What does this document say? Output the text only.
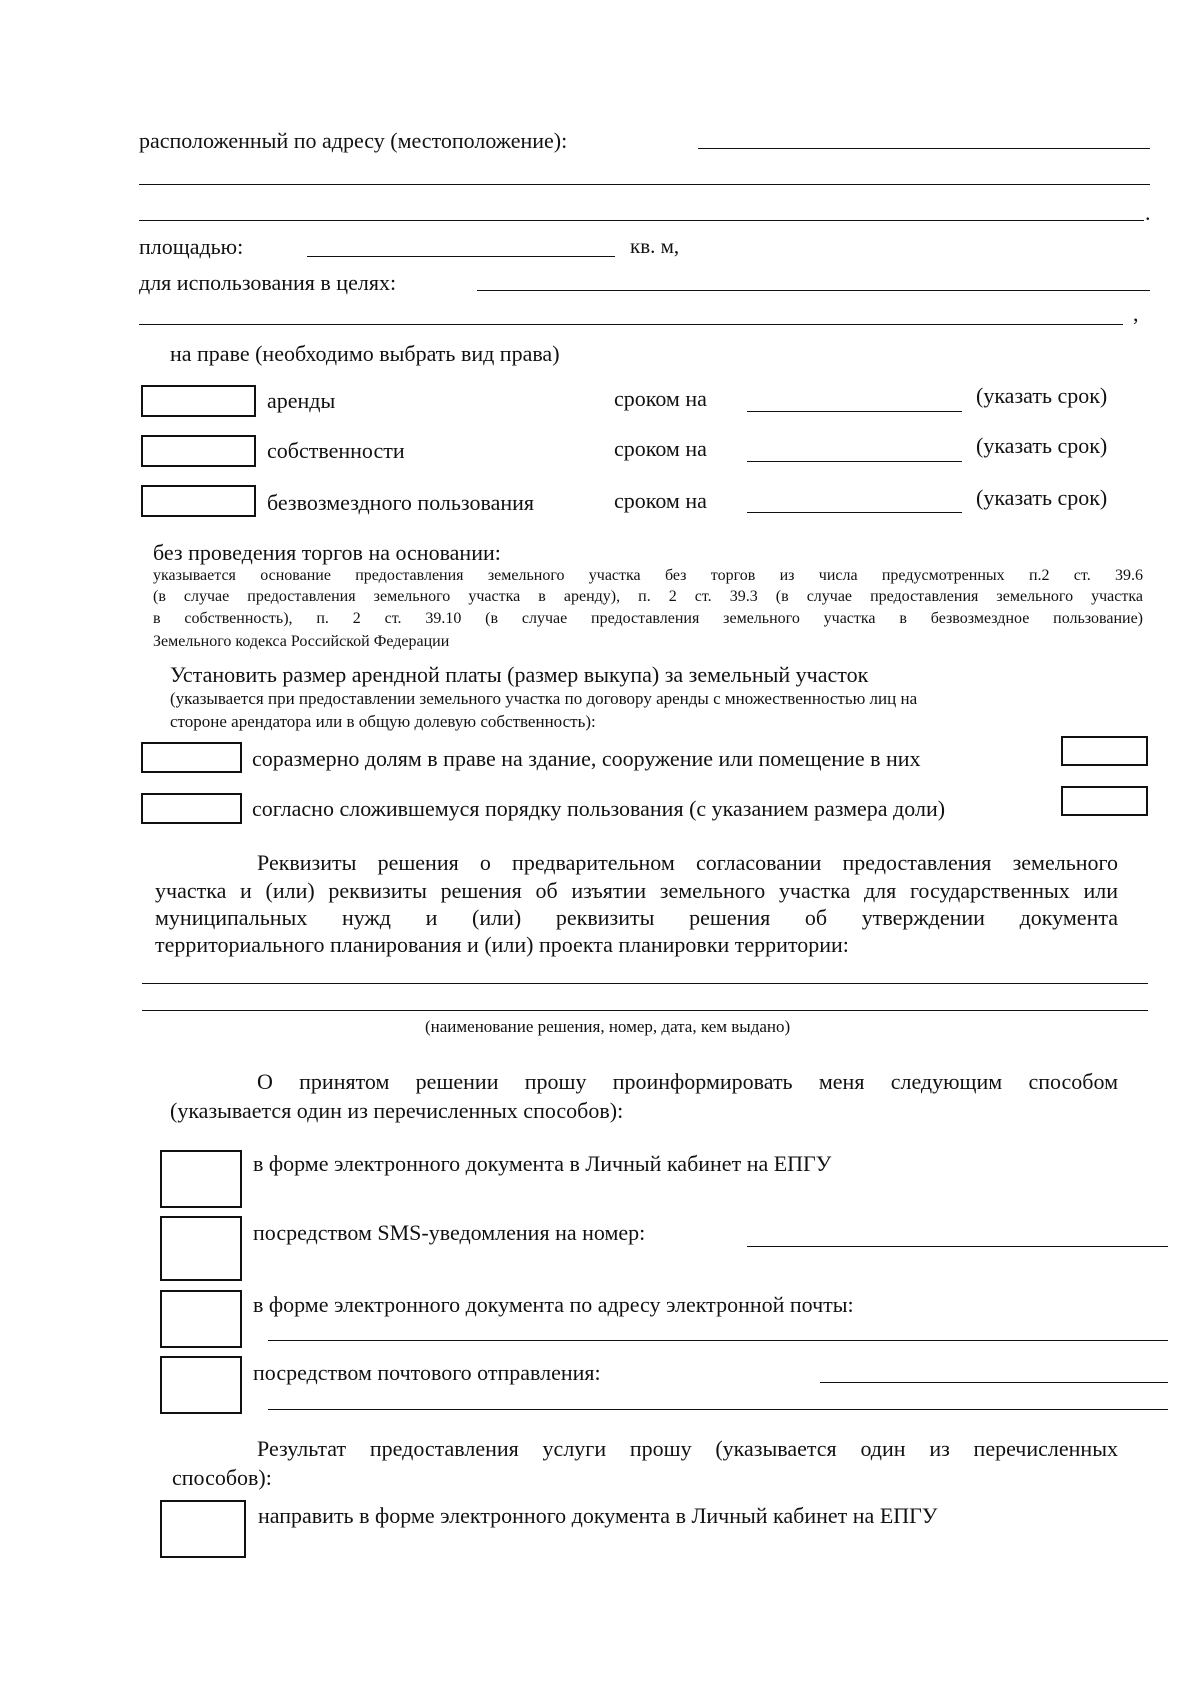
расположенный по адресу (местоположение):
.
площадью:	кв. м,
для использования в целях:
,
на праве (необходимо выбрать вид права)
аренды	сроком на	(указать срок)
собственности	сроком на	(указать срок)
безвозмездного пользования	сроком на	(указать срок)
без проведения торгов на основании:
указывается основание предоставления земельного участка без торгов из числа предусмотренных п.2 ст. 39.6
(в случае предоставления земельного участка в аренду), п. 2 ст. 39.3 (в случае предоставления земельного участка
в собственность), п. 2 ст. 39.10 (в случае предоставления земельного участка в безвозмездное пользование)
Земельного кодекса Российской Федерации
Установить размер арендной платы (размер выкупа) за земельный участок
(указывается при предоставлении земельного участка по договору аренды с множественностью лиц на
стороне арендатора или в общую долевую собственность):
соразмерно долям в праве на здание, сооружение или помещение в них
согласно сложившемуся порядку пользования (с указанием размера доли)
Реквизиты решения о предварительном согласовании предоставления земельного
участка и (или) реквизиты решения об изъятии земельного участка для государственных или
муниципальных нужд и (или) реквизиты решения об утверждении документа
территориального планирования и (или) проекта планировки территории:
(наименование решения, номер, дата, кем выдано)
О принятом решении прошу проинформировать меня следующим способом
(указывается один из перечисленных способов):
в форме электронного документа в Личный кабинет на ЕПГУ
посредством SMS-уведомления на номер:
в форме электронного документа по адресу электронной почты:
посредством почтового отправления:
Результат предоставления услуги прошу (указывается один из перечисленных
способов):
направить в форме электронного документа в Личный кабинет на ЕПГУ
